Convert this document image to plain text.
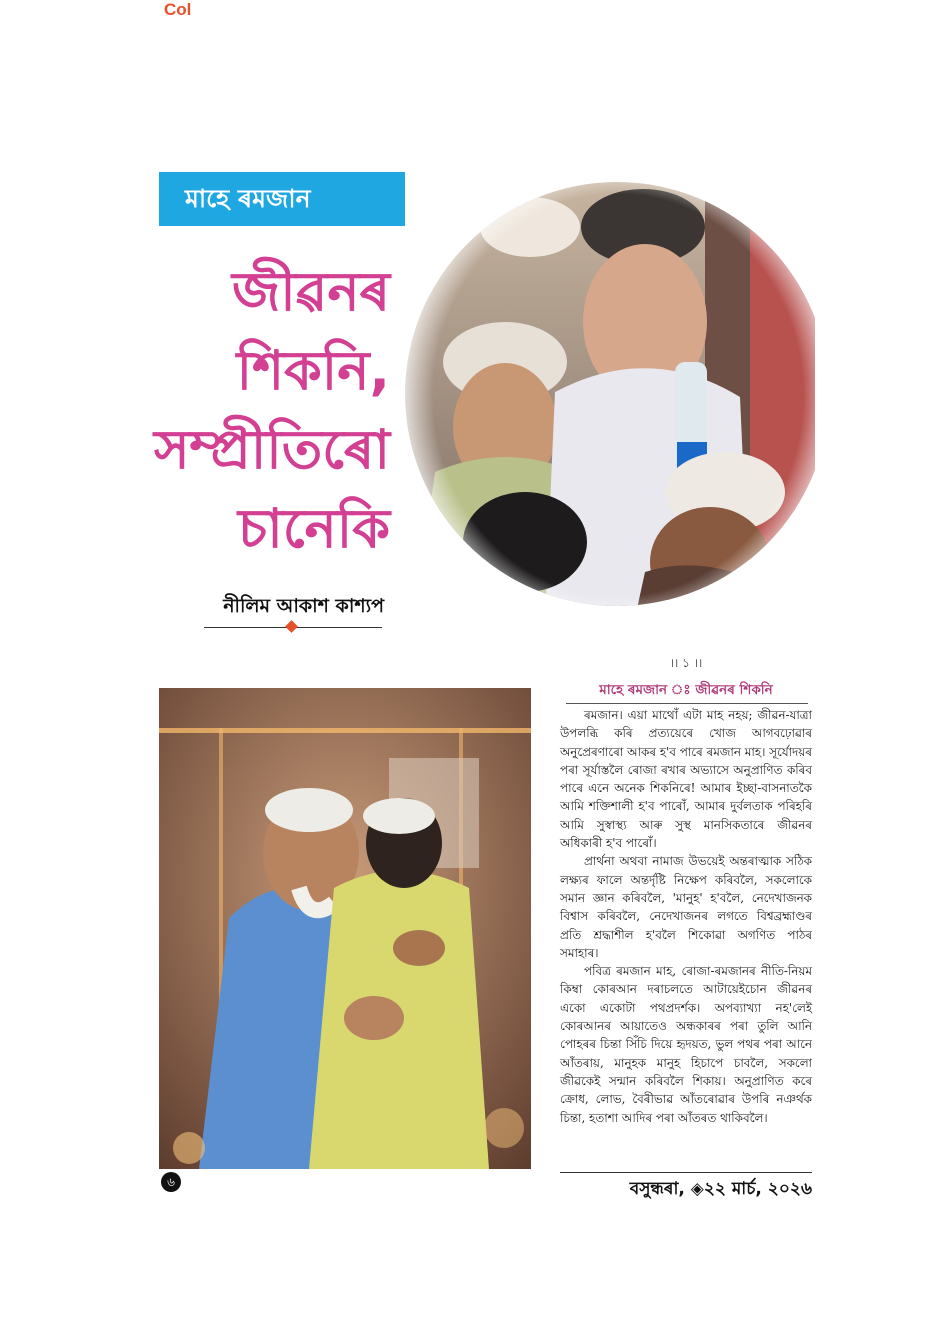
Col
মাহে ৰমজান
জীৱনৰ
শিকনি,
সম্প্ৰীতিৰো
চানেকি
নীলিম আকাশ কাশ্যপ
।। ১ ।।
মাহে ৰমজান ঃ জীৱনৰ শিকনি

ৰমজান। এয়া মাথোঁ এটা মাহ নহয়; জীৱন-যাত্ৰা উপলব্ধি কৰি প্ৰত্যয়েৰে খোজ আগবঢ়োৱাৰ অনুপ্ৰেৰণাৰো আকৰ হ'ব পাৰে ৰমজান মাহ। সূৰ্যোদয়ৰ পৰা সূৰ্যাস্তলৈ ৰোজা ৰখাৰ অভ্যাসে অনুপ্ৰাণিত কৰিব পাৰে এনে অনেক শিকনিৰে! আমাৰ ইচ্ছা-বাসনাতকৈ আমি শক্তিশালী হ'ব পাৰোঁ, আমাৰ দুৰ্বলতাক পৰিহৰি আমি সুস্বাস্থ্য আৰু সুস্থ মানসিকতাৰে জীৱনৰ অধিকাৰী হ'ব পাৰোঁ।

প্ৰাৰ্থনা অথবা নামাজ উভয়েই অন্তৰাত্মাক সঠিক লক্ষ্যৰ ফালে অন্তৰ্দৃষ্টি নিক্ষেপ কৰিবলৈ, সকলোকে সমান জ্ঞান কৰিবলৈ, 'মানুহ' হ'বলৈ, নেদেখাজনক বিশ্বাস কৰিবলৈ, নেদেখাজনৰ লগতে বিশ্বব্ৰহ্মাণ্ডৰ প্ৰতি শ্ৰদ্ধাশীল হ'বলৈ শিকোৱা অগণিত পাঠৰ সমাহাৰ।

পবিত্ৰ ৰমজান মাহ, ৰোজা-ৰমজানৰ নীতি-নিয়ম কিম্বা কোৰআন দৰাচলতে আটায়েইচোন জীৱনৰ একো একোটা পথপ্ৰদৰ্শক। অপব্যাখ্যা নহ'লেই কোৰআনৰ আয়াতেও অন্ধকাৰৰ পৰা তুলি আনি পোহৰৰ চিন্তা সিঁচি দিয়ে হৃদয়ত, ভুল পথৰ পৰা আনে আঁতৰায়, মানুহক মানুহ হিচাপে চাবলৈ, সকলো জীৱকেই সন্মান কৰিবলৈ শিকায়। অনুপ্ৰাণিত কৰে ক্ৰোধ, লোভ, বৈৰীভাৱ আঁতৰোৱাৰ উপৰি নঞৰ্থক চিন্তা, হতাশা আদিৰ পৰা আঁতৰত থাকিবলৈ।

বসুন্ধৰা, ◈২২ মাৰ্চ, ২০২৬
৬
